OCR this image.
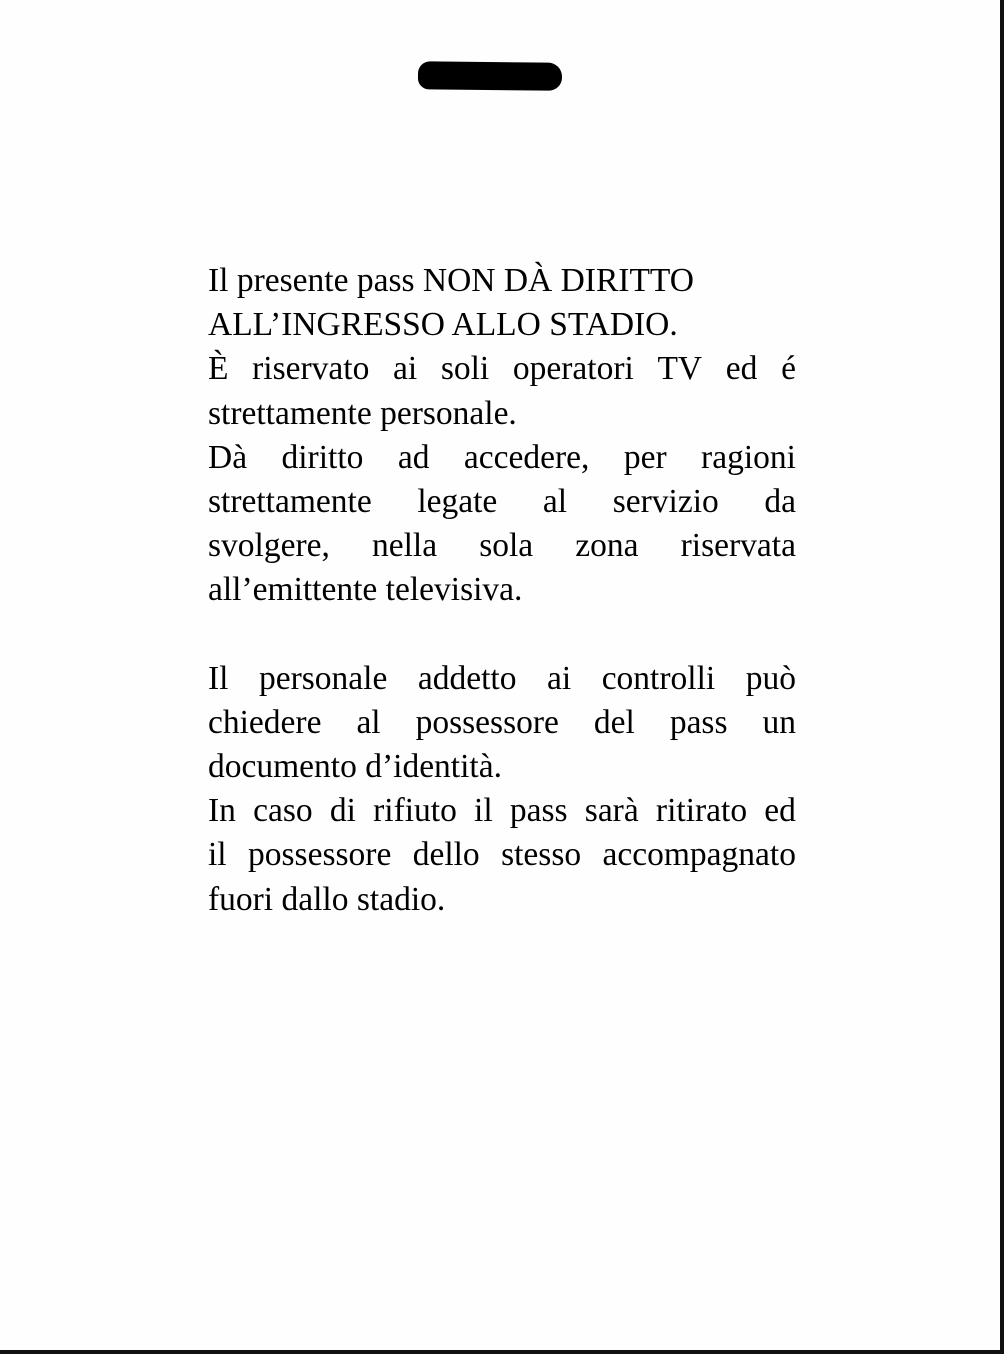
Il presente pass NON DÀ DIRITTO
ALL’INGRESSO ALLO STADIO.

È riservato ai soli operatori TV ed é
strettamente personale.

Dà diritto ad accedere, per ragioni
strettamente legate al servizio da
svolgere, nella sola zona riservata
all’emittente televisiva.

Il personale addetto ai controlli può
chiedere al possessore del pass un
documento d’identità.

In caso di rifiuto il pass sarà ritirato ed
il possessore dello stesso accompagnato
fuori dallo stadio.
